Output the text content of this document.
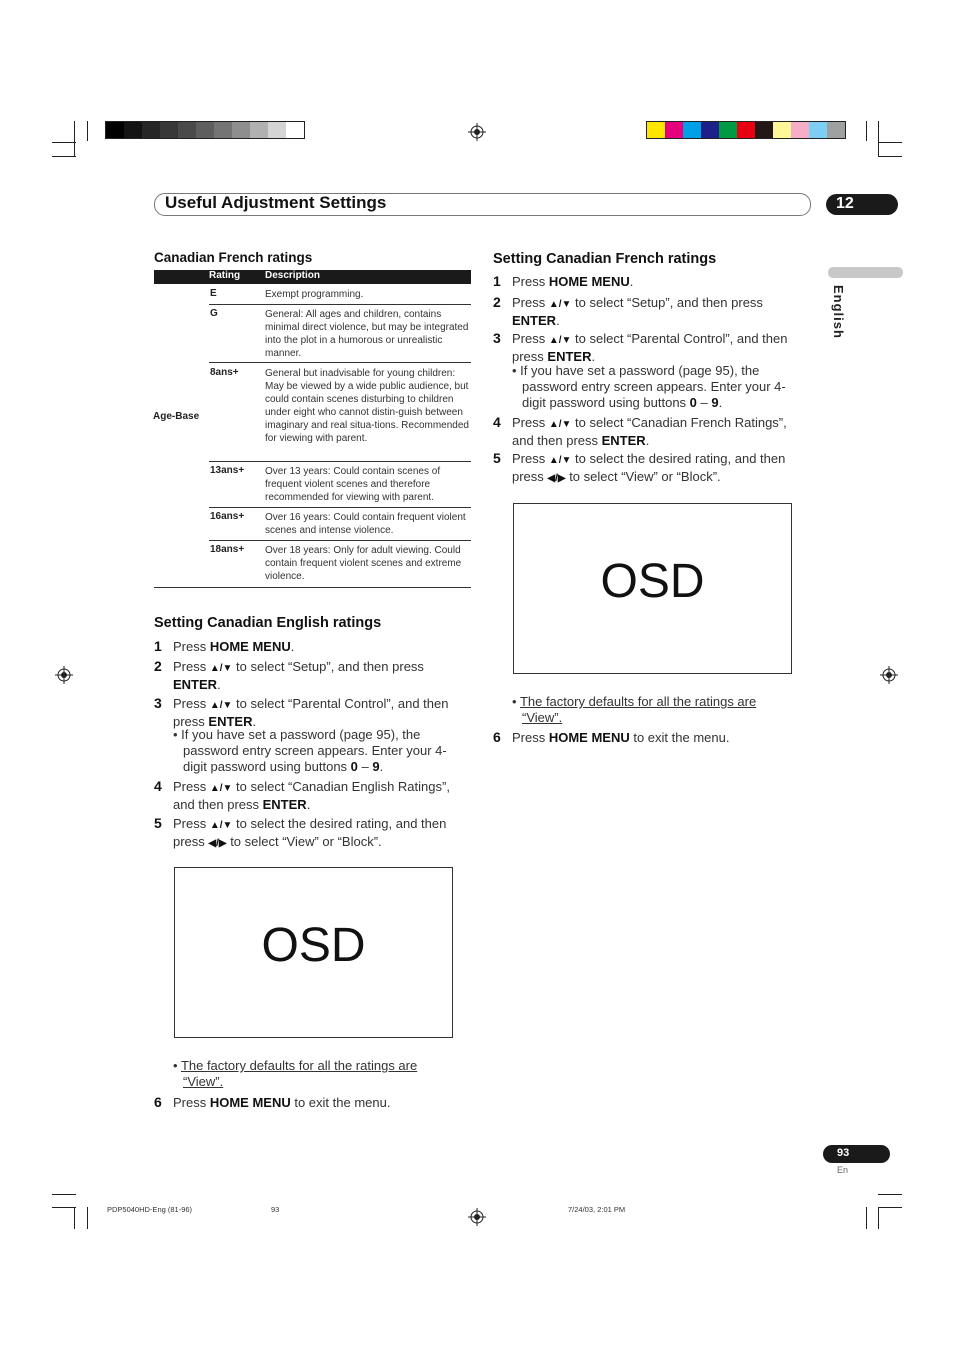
Useful Adjustment Settings	12
English
Canadian French ratings
Rating Description
Age-Base
E	Exempt programming.
G	General: All ages and children, contains minimal direct violence, but may be integrated into the plot in a humorous or unrealistic manner.
8ans+	General but inadvisable for young children: May be viewed by a wide public audience, but could contain scenes disturbing to children under eight who cannot distin-guish between imaginary and real situa-tions. Recommended for viewing with parent.
13ans+ Over 13 years: Could contain scenes of frequent violent scenes and therefore recommended for viewing with parent.
16ans+ Over 16 years: Could contain frequent violent scenes and intense violence.
18ans+ Over 18 years: Only for adult viewing. Could contain frequent violent scenes and extreme violence.
Setting Canadian English ratings
1 Press HOME MENU.
2 Press ▲/▼ to select “Setup”, and then press
ENTER.
3 Press ▲/▼ to select “Parental Control”, and then
press ENTER.
• If you have set a password (page 95), the
password entry screen appears. Enter your 4-
digit password using buttons 0 – 9.
4 Press ▲/▼ to select “Canadian English Ratings”,
and then press ENTER.
5 Press ▲/▼ to select the desired rating, and then
press ◀/▶ to select “View” or “Block”.
OSD
• The factory defaults for all the ratings are
“View”.
6 Press HOME MENU to exit the menu.
Setting Canadian French ratings
1 Press HOME MENU.
2 Press ▲/▼ to select “Setup”, and then press
ENTER.
3 Press ▲/▼ to select “Parental Control”, and then
press ENTER.
• If you have set a password (page 95), the
password entry screen appears. Enter your 4-
digit password using buttons 0 – 9.
4 Press ▲/▼ to select “Canadian French Ratings”,
and then press ENTER.
5 Press ▲/▼ to select the desired rating, and then
press ◀/▶ to select “View” or “Block”.
OSD
• The factory defaults for all the ratings are
“View”.
6 Press HOME MENU to exit the menu.
93
En
PDP5040HD-Eng (81-96)	93	7/24/03, 2:01 PM
